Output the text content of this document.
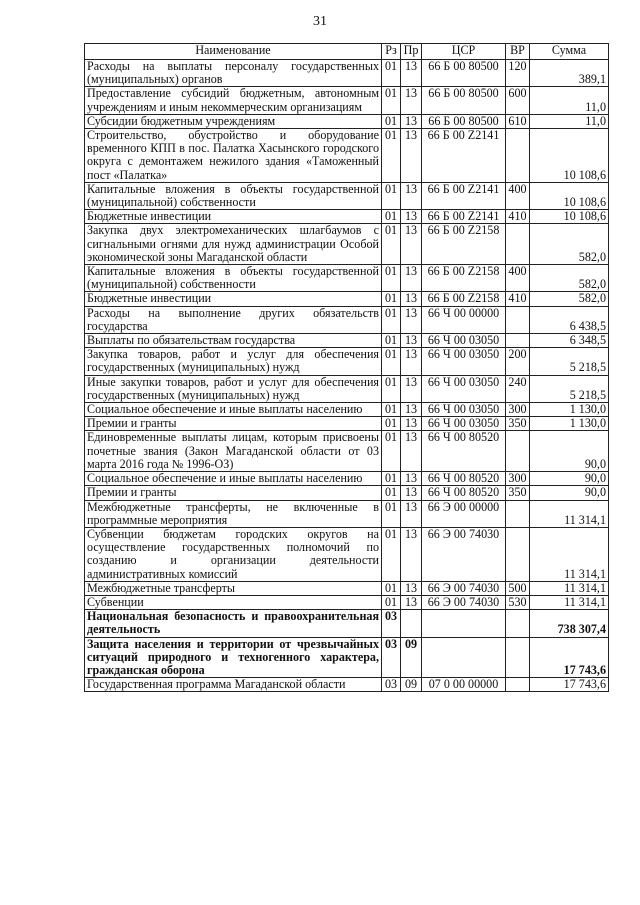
31
Наименование	Рз	Пр	ЦСР	ВР	Сумма
Расходы на выплаты персоналу государственных (муниципальных) органов	01	13	66 Б 00 80500	120	389,1
Предоставление субсидий бюджетным, автономным учреждениям и иным некоммерческим организациям	01	13	66 Б 00 80500	600	11,0
Субсидии бюджетным учреждениям	01	13	66 Б 00 80500	610	11,0
Строительство, обустройство и оборудование временного КПП в пос. Палатка Хасынского городского округа с демонтажем нежилого здания «Таможенный пост «Палатка»	01	13	66 Б 00 Z2141		10 108,6
Капитальные вложения в объекты государственной (муниципальной) собственности	01	13	66 Б 00 Z2141	400	10 108,6
Бюджетные инвестиции	01	13	66 Б 00 Z2141	410	10 108,6
Закупка двух электромеханических шлагбаумов с сигнальными огнями для нужд администрации Особой экономической зоны Магаданской области	01	13	66 Б 00 Z2158		582,0
Капитальные вложения в объекты государственной (муниципальной) собственности	01	13	66 Б 00 Z2158	400	582,0
Бюджетные инвестиции	01	13	66 Б 00 Z2158	410	582,0
Расходы на выполнение других обязательств государства	01	13	66 Ч 00 00000		6 438,5
Выплаты по обязательствам государства	01	13	66 Ч 00 03050		6 348,5
Закупка товаров, работ и услуг для обеспечения государственных (муниципальных) нужд	01	13	66 Ч 00 03050	200	5 218,5
Иные закупки товаров, работ и услуг для обеспечения государственных (муниципальных) нужд	01	13	66 Ч 00 03050	240	5 218,5
Социальное обеспечение и иные выплаты населению	01	13	66 Ч 00 03050	300	1 130,0
Премии и гранты	01	13	66 Ч 00 03050	350	1 130,0
Единовременные выплаты лицам, которым присвоены почетные звания (Закон Магаданской области от 03 марта 2016 года № 1996-ОЗ)	01	13	66 Ч 00 80520		90,0
Социальное обеспечение и иные выплаты населению	01	13	66 Ч 00 80520	300	90,0
Премии и гранты	01	13	66 Ч 00 80520	350	90,0
Межбюджетные трансферты, не включенные в программные мероприятия	01	13	66 Э 00 00000		11 314,1
Субвенции бюджетам городских округов на осуществление государственных полномочий по созданию и организации деятельности административных комиссий	01	13	66 Э 00 74030		11 314,1
Межбюджетные трансферты	01	13	66 Э 00 74030	500	11 314,1
Субвенции	01	13	66 Э 00 74030	530	11 314,1
Национальная безопасность и правоохранительная деятельность	03				738 307,4
Защита населения и территории от чрезвычайных ситуаций природного и техногенного характера, гражданская оборона	03	09			17 743,6
Государственная программа Магаданской области	03	09	07 0 00 00000		17 743,6
